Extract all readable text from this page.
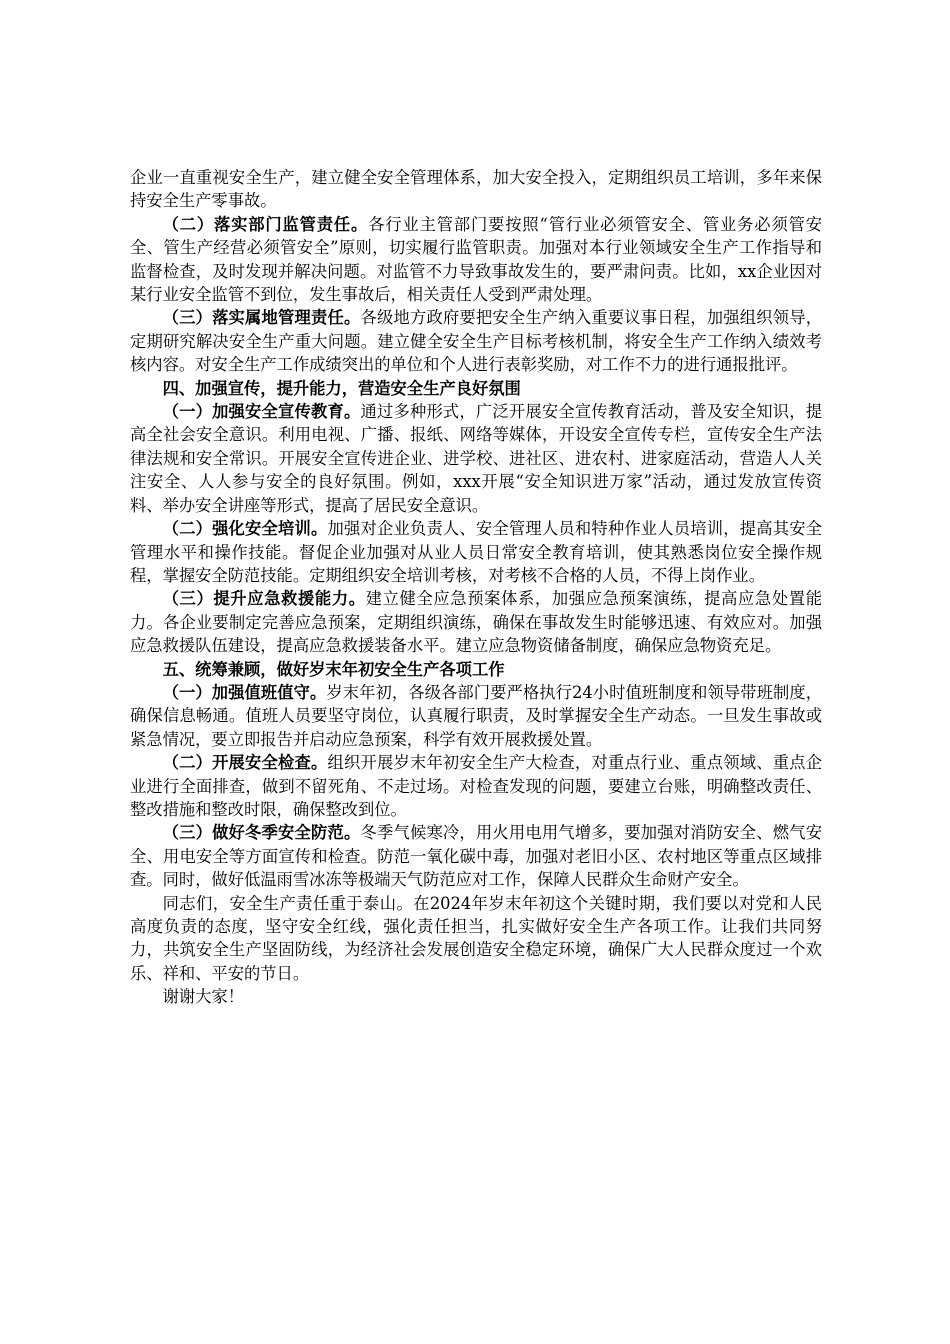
企业一直重视安全生产，建立健全安全管理体系，加大安全投入，定期组织员工培训，多年来保持安全生产零事故。

（二）落实部门监管责任。各行业主管部门要按照“管行业必须管安全、管业务必须管安全、管生产经营必须管安全”原则，切实履行监管职责。加强对本行业领域安全生产工作指导和监督检查，及时发现并解决问题。对监管不力导致事故发生的，要严肃问责。比如，xx企业因对某行业安全监管不到位，发生事故后，相关责任人受到严肃处理。

（三）落实属地管理责任。各级地方政府要把安全生产纳入重要议事日程，加强组织领导，定期研究解决安全生产重大问题。建立健全安全生产目标考核机制，将安全生产工作纳入绩效考核内容。对安全生产工作成绩突出的单位和个人进行表彰奖励，对工作不力的进行通报批评。

四、加强宣传，提升能力，营造安全生产良好氛围

（一）加强安全宣传教育。通过多种形式，广泛开展安全宣传教育活动，普及安全知识，提高全社会安全意识。利用电视、广播、报纸、网络等媒体，开设安全宣传专栏，宣传安全生产法律法规和安全常识。开展安全宣传进企业、进学校、进社区、进农村、进家庭活动，营造人人关注安全、人人参与安全的良好氛围。例如，xxx开展“安全知识进万家”活动，通过发放宣传资料、举办安全讲座等形式，提高了居民安全意识。

（二）强化安全培训。加强对企业负责人、安全管理人员和特种作业人员培训，提高其安全管理水平和操作技能。督促企业加强对从业人员日常安全教育培训，使其熟悉岗位安全操作规程，掌握安全防范技能。定期组织安全培训考核，对考核不合格的人员，不得上岗作业。

（三）提升应急救援能力。建立健全应急预案体系，加强应急预案演练，提高应急处置能力。各企业要制定完善应急预案，定期组织演练，确保在事故发生时能够迅速、有效应对。加强应急救援队伍建设，提高应急救援装备水平。建立应急物资储备制度，确保应急物资充足。

五、统筹兼顾，做好岁末年初安全生产各项工作

（一）加强值班值守。岁末年初，各级各部门要严格执行24小时值班制度和领导带班制度，确保信息畅通。值班人员要坚守岗位，认真履行职责，及时掌握安全生产动态。一旦发生事故或紧急情况，要立即报告并启动应急预案，科学有效开展救援处置。

（二）开展安全检查。组织开展岁末年初安全生产大检查，对重点行业、重点领域、重点企业进行全面排查，做到不留死角、不走过场。对检查发现的问题，要建立台账，明确整改责任、整改措施和整改时限，确保整改到位。

（三）做好冬季安全防范。冬季气候寒冷，用火用电用气增多，要加强对消防安全、燃气安全、用电安全等方面宣传和检查。防范一氧化碳中毒，加强对老旧小区、农村地区等重点区域排查。同时，做好低温雨雪冰冻等极端天气防范应对工作，保障人民群众生命财产安全。

同志们，安全生产责任重于泰山。在2024年岁末年初这个关键时期，我们要以对党和人民高度负责的态度，坚守安全红线，强化责任担当，扎实做好安全生产各项工作。让我们共同努力，共筑安全生产坚固防线，为经济社会发展创造安全稳定环境，确保广大人民群众度过一个欢乐、祥和、平安的节日。

谢谢大家！
